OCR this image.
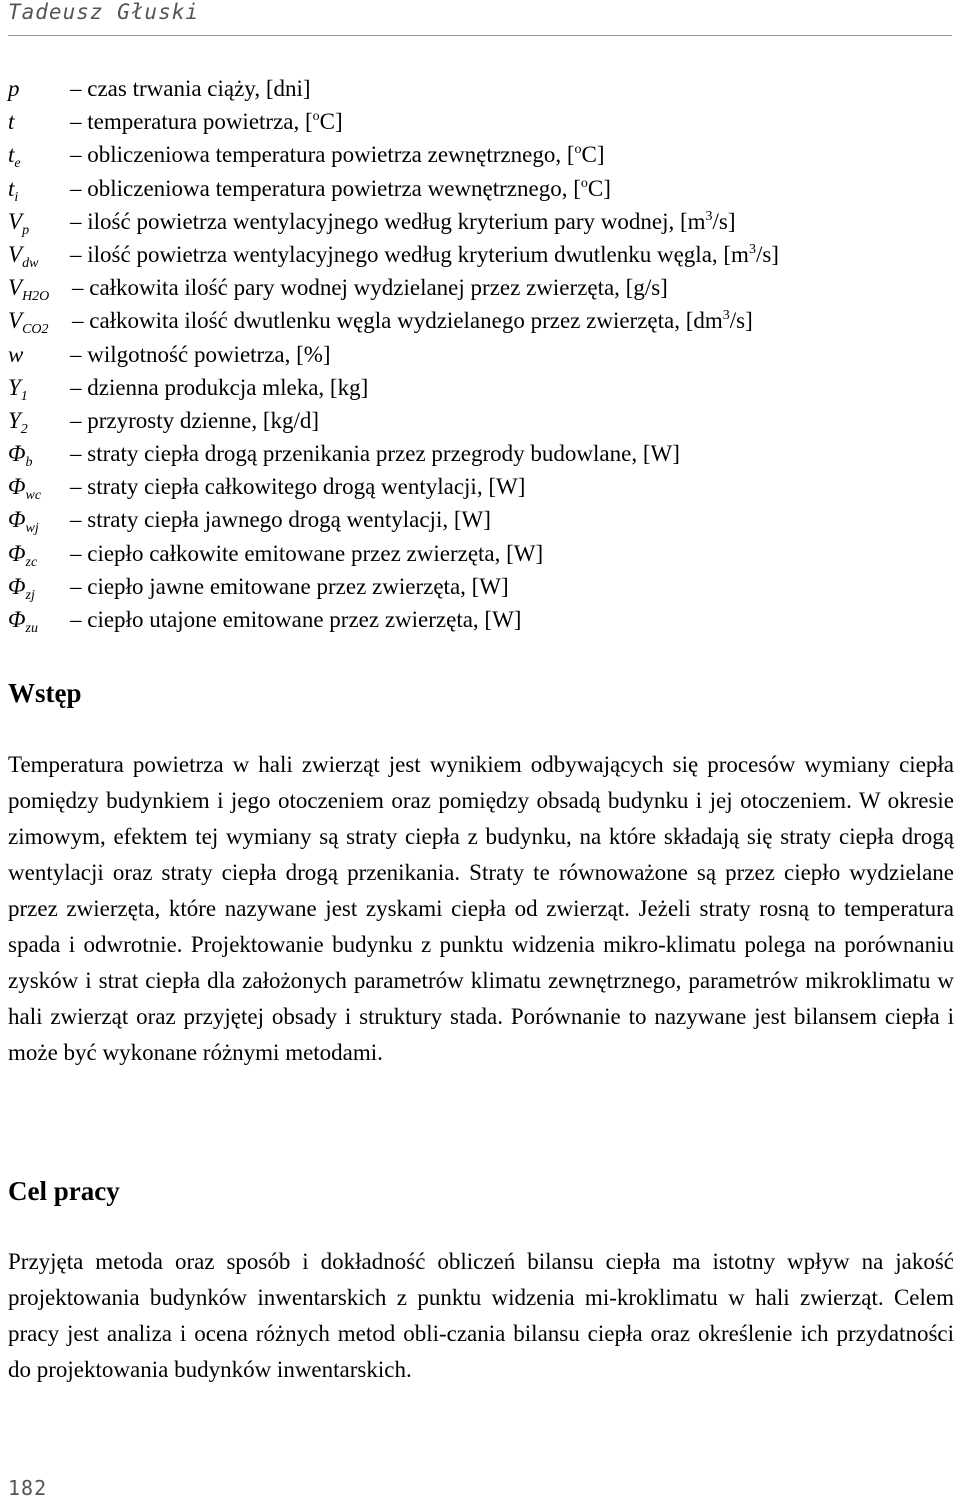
Tadeusz Głuski
p – czas trwania ciąży, [dni]
t – temperatura powietrza, [$^o$C]
$t_e$ – obliczeniowa temperatura powietrza zewnętrznego, [$^o$C]
$t_i$ – obliczeniowa temperatura powietrza wewnętrznego, [$^o$C]
$V_p$ – ilość powietrza wentylacyjnego według kryterium pary wodnej, $[m^3/s]$
$V_{dw}$ – ilość powietrza wentylacyjnego według kryterium dwutlenku węgla, $[m^3/s]$
$V_{H2O}$ – całkowita ilość pary wodnej wydzielanej przez zwierzęta, [g/s]
$V_{CO2}$ – całkowita ilość dwutlenku węgla wydzielanego przez zwierzęta, $[dm^3/s]$
w – wilgotność powietrza, [%]
$Y_1$ – dzienna produkcja mleka, [kg]
$Y_2$ – przyrosty dzienne, [kg/d]
$\Phi_b$ – straty ciepła drogą przenikania przez przegrody budowlane, [W]
$\Phi_{wc}$ – straty ciepła całkowitego drogą wentylacji, [W]
$\Phi_{wj}$ – straty ciepła jawnego drogą wentylacji, [W]
$\Phi_{zc}$ – ciepło całkowite emitowane przez zwierzęta, [W]
$\Phi_{zj}$ – ciepło jawne emitowane przez zwierzęta, [W]
$\Phi_{zu}$ – ciepło utajone emitowane przez zwierzęta, [W]
Wstęp

Temperatura powietrza w hali zwierząt jest wynikiem odbywających się procesów wymiany ciepła pomiędzy budynkiem i jego otoczeniem oraz pomiędzy obsadą budynku i jej otoczeniem. W okresie zimowym, efektem tej wymiany są straty ciepła z budynku, na które składają się straty ciepła drogą wentylacji oraz straty ciepła drogą przenikania. Straty te równoważone są przez ciepło wydzielane przez zwierzęta, które nazywane jest zyskami ciepła od zwierząt. Jeżeli straty rosną to temperatura spada i odwrotnie. Projektowanie budynku z punktu widzenia mikro-klimatu polega na porównaniu zysków i strat ciepła dla założonych parametrów klimatu zewnętrznego, parametrów mikroklimatu w hali zwierząt oraz przyjętej obsady i struktury stada. Porównanie to nazywane jest bilansem ciepła i może być wykonane różnymi metodami.

Cel pracy

Przyjęta metoda oraz sposób i dokładność obliczeń bilansu ciepła ma istotny wpływ na jakość projektowania budynków inwentarskich z punktu widzenia mi-kroklimatu w hali zwierząt. Celem pracy jest analiza i ocena różnych metod obli-czania bilansu ciepła oraz określenie ich przydatności do projektowania budynków inwentarskich.

182
